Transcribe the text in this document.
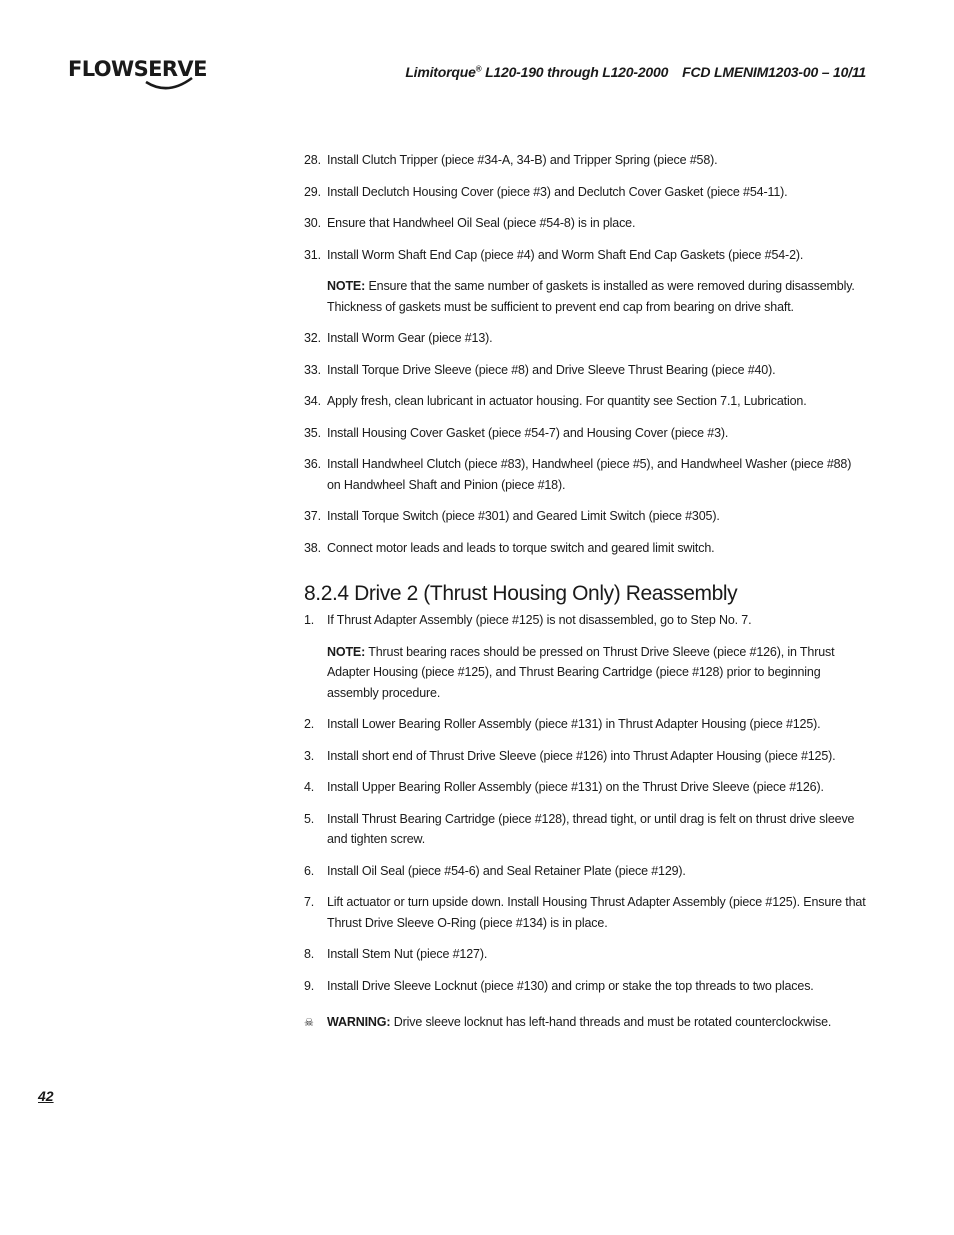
FLOWSERVE	Limitorque® L120-190 through L120-2000 FCD LMENIM1203-00 – 10/11
28. Install Clutch Tripper (piece #34-A, 34-B) and Tripper Spring (piece #58).
29. Install Declutch Housing Cover (piece #3) and Declutch Cover Gasket (piece #54-11).
30. Ensure that Handwheel Oil Seal (piece #54-8) is in place.
31. Install Worm Shaft End Cap (piece #4) and Worm Shaft End Cap Gaskets (piece #54-2).
NOTE: Ensure that the same number of gaskets is installed as were removed during disassembly. Thickness of gaskets must be sufficient to prevent end cap from bearing on drive shaft.
32. Install Worm Gear (piece #13).
33. Install Torque Drive Sleeve (piece #8) and Drive Sleeve Thrust Bearing (piece #40).
34. Apply fresh, clean lubricant in actuator housing. For quantity see Section 7.1, Lubrication.
35. Install Housing Cover Gasket (piece #54-7) and Housing Cover (piece #3).
36. Install Handwheel Clutch (piece #83), Handwheel (piece #5), and Handwheel Washer (piece #88) on Handwheel Shaft and Pinion (piece #18).
37. Install Torque Switch (piece #301) and Geared Limit Switch (piece #305).
38. Connect motor leads and leads to torque switch and geared limit switch.
8.2.4 Drive 2 (Thrust Housing Only) Reassembly
1. If Thrust Adapter Assembly (piece #125) is not disassembled, go to Step No. 7.
NOTE: Thrust bearing races should be pressed on Thrust Drive Sleeve (piece #126), in Thrust Adapter Housing (piece #125), and Thrust Bearing Cartridge (piece #128) prior to beginning assembly procedure.
2. Install Lower Bearing Roller Assembly (piece #131) in Thrust Adapter Housing (piece #125).
3. Install short end of Thrust Drive Sleeve (piece #126) into Thrust Adapter Housing (piece #125).
4. Install Upper Bearing Roller Assembly (piece #131) on the Thrust Drive Sleeve (piece #126).
5. Install Thrust Bearing Cartridge (piece #128), thread tight, or until drag is felt on thrust drive sleeve and tighten screw.
6. Install Oil Seal (piece #54-6) and Seal Retainer Plate (piece #129).
7. Lift actuator or turn upside down. Install Housing Thrust Adapter Assembly (piece #125). Ensure that Thrust Drive Sleeve O-Ring (piece #134) is in place.
8. Install Stem Nut (piece #127).
9. Install Drive Sleeve Locknut (piece #130) and crimp or stake the top threads to two places.
☠ WARNING: Drive sleeve locknut has left-hand threads and must be rotated counterclockwise.
42
